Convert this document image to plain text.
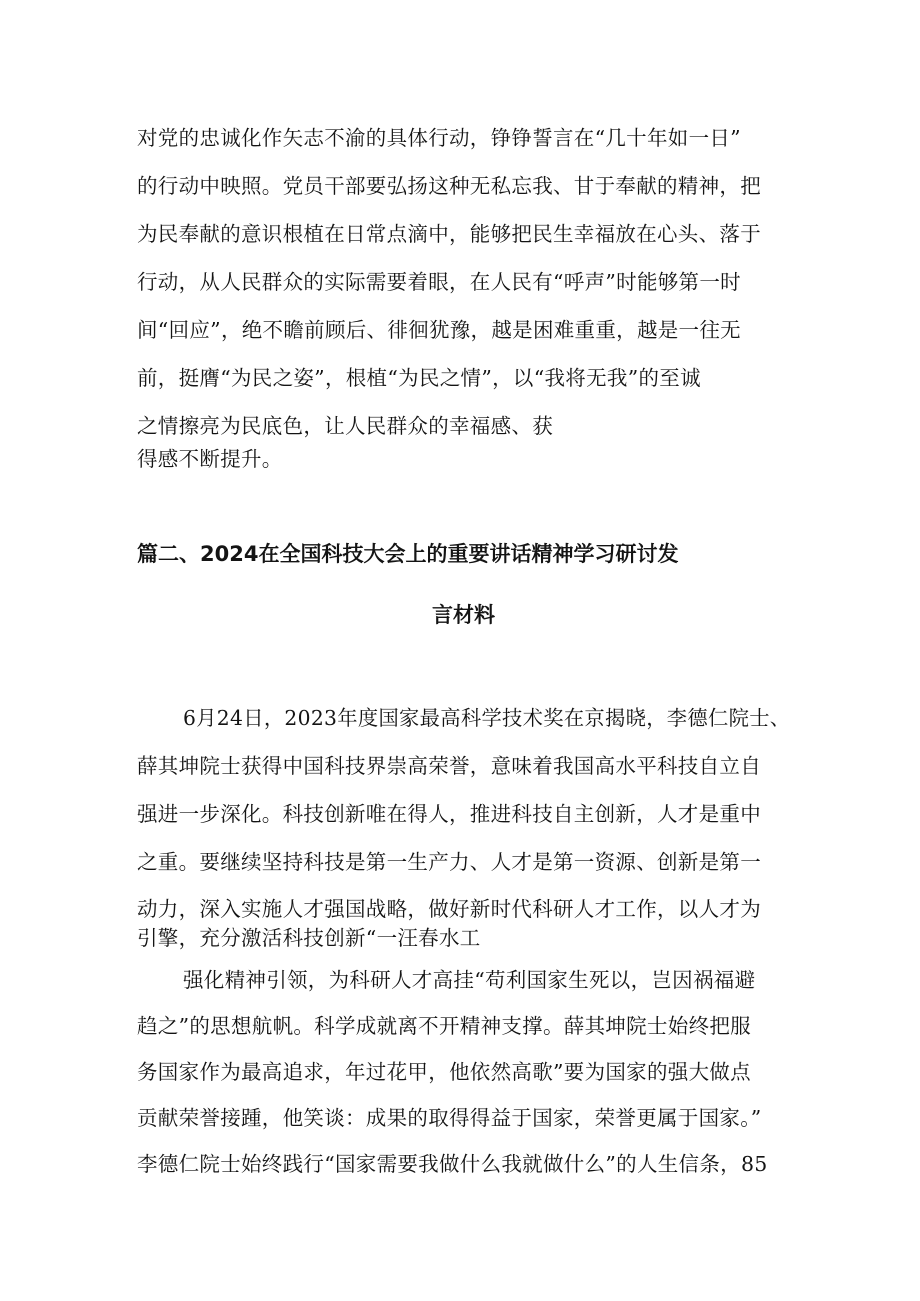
对党的忠诚化作矢志不渝的具体行动，铮铮誓言在“几十年如一日”
的行动中映照。党员干部要弘扬这种无私忘我、甘于奉献的精神，把
为民奉献的意识根植在日常点滴中，能够把民生幸福放在心头、落于
行动，从人民群众的实际需要着眼，在人民有“呼声”时能够第一时
间“回应”，绝不瞻前顾后、徘徊犹豫，越是困难重重，越是一往无
前，挺膺“为民之姿”，根植“为民之情”，以“我将无我”的至诚
之情擦亮为民底色，让人民群众的幸福感、获
得感不断提升。
篇二、2024在全国科技大会上的重要讲话精神学习研讨发
言材料
6月24日，2023年度国家最高科学技术奖在京揭晓，李德仁院士、
薛其坤院士获得中国科技界崇高荣誉，意味着我国高水平科技自立自
强进一步深化。科技创新唯在得人，推进科技自主创新，人才是重中
之重。要继续坚持科技是第一生产力、人才是第一资源、创新是第一
动力，深入实施人才强国战略，做好新时代科研人才工作，以人才为
引擎，充分激活科技创新“一汪春水工
强化精神引领，为科研人才高挂“苟利国家生死以，岂因祸福避
趋之”的思想航帆。科学成就离不开精神支撑。薛其坤院士始终把服
务国家作为最高追求，年过花甲，他依然高歌”要为国家的强大做点
贡献荣誉接踵，他笑谈：成果的取得得益于国家，荣誉更属于国家。”
李德仁院士始终践行“国家需要我做什么我就做什么”的人生信条，85
